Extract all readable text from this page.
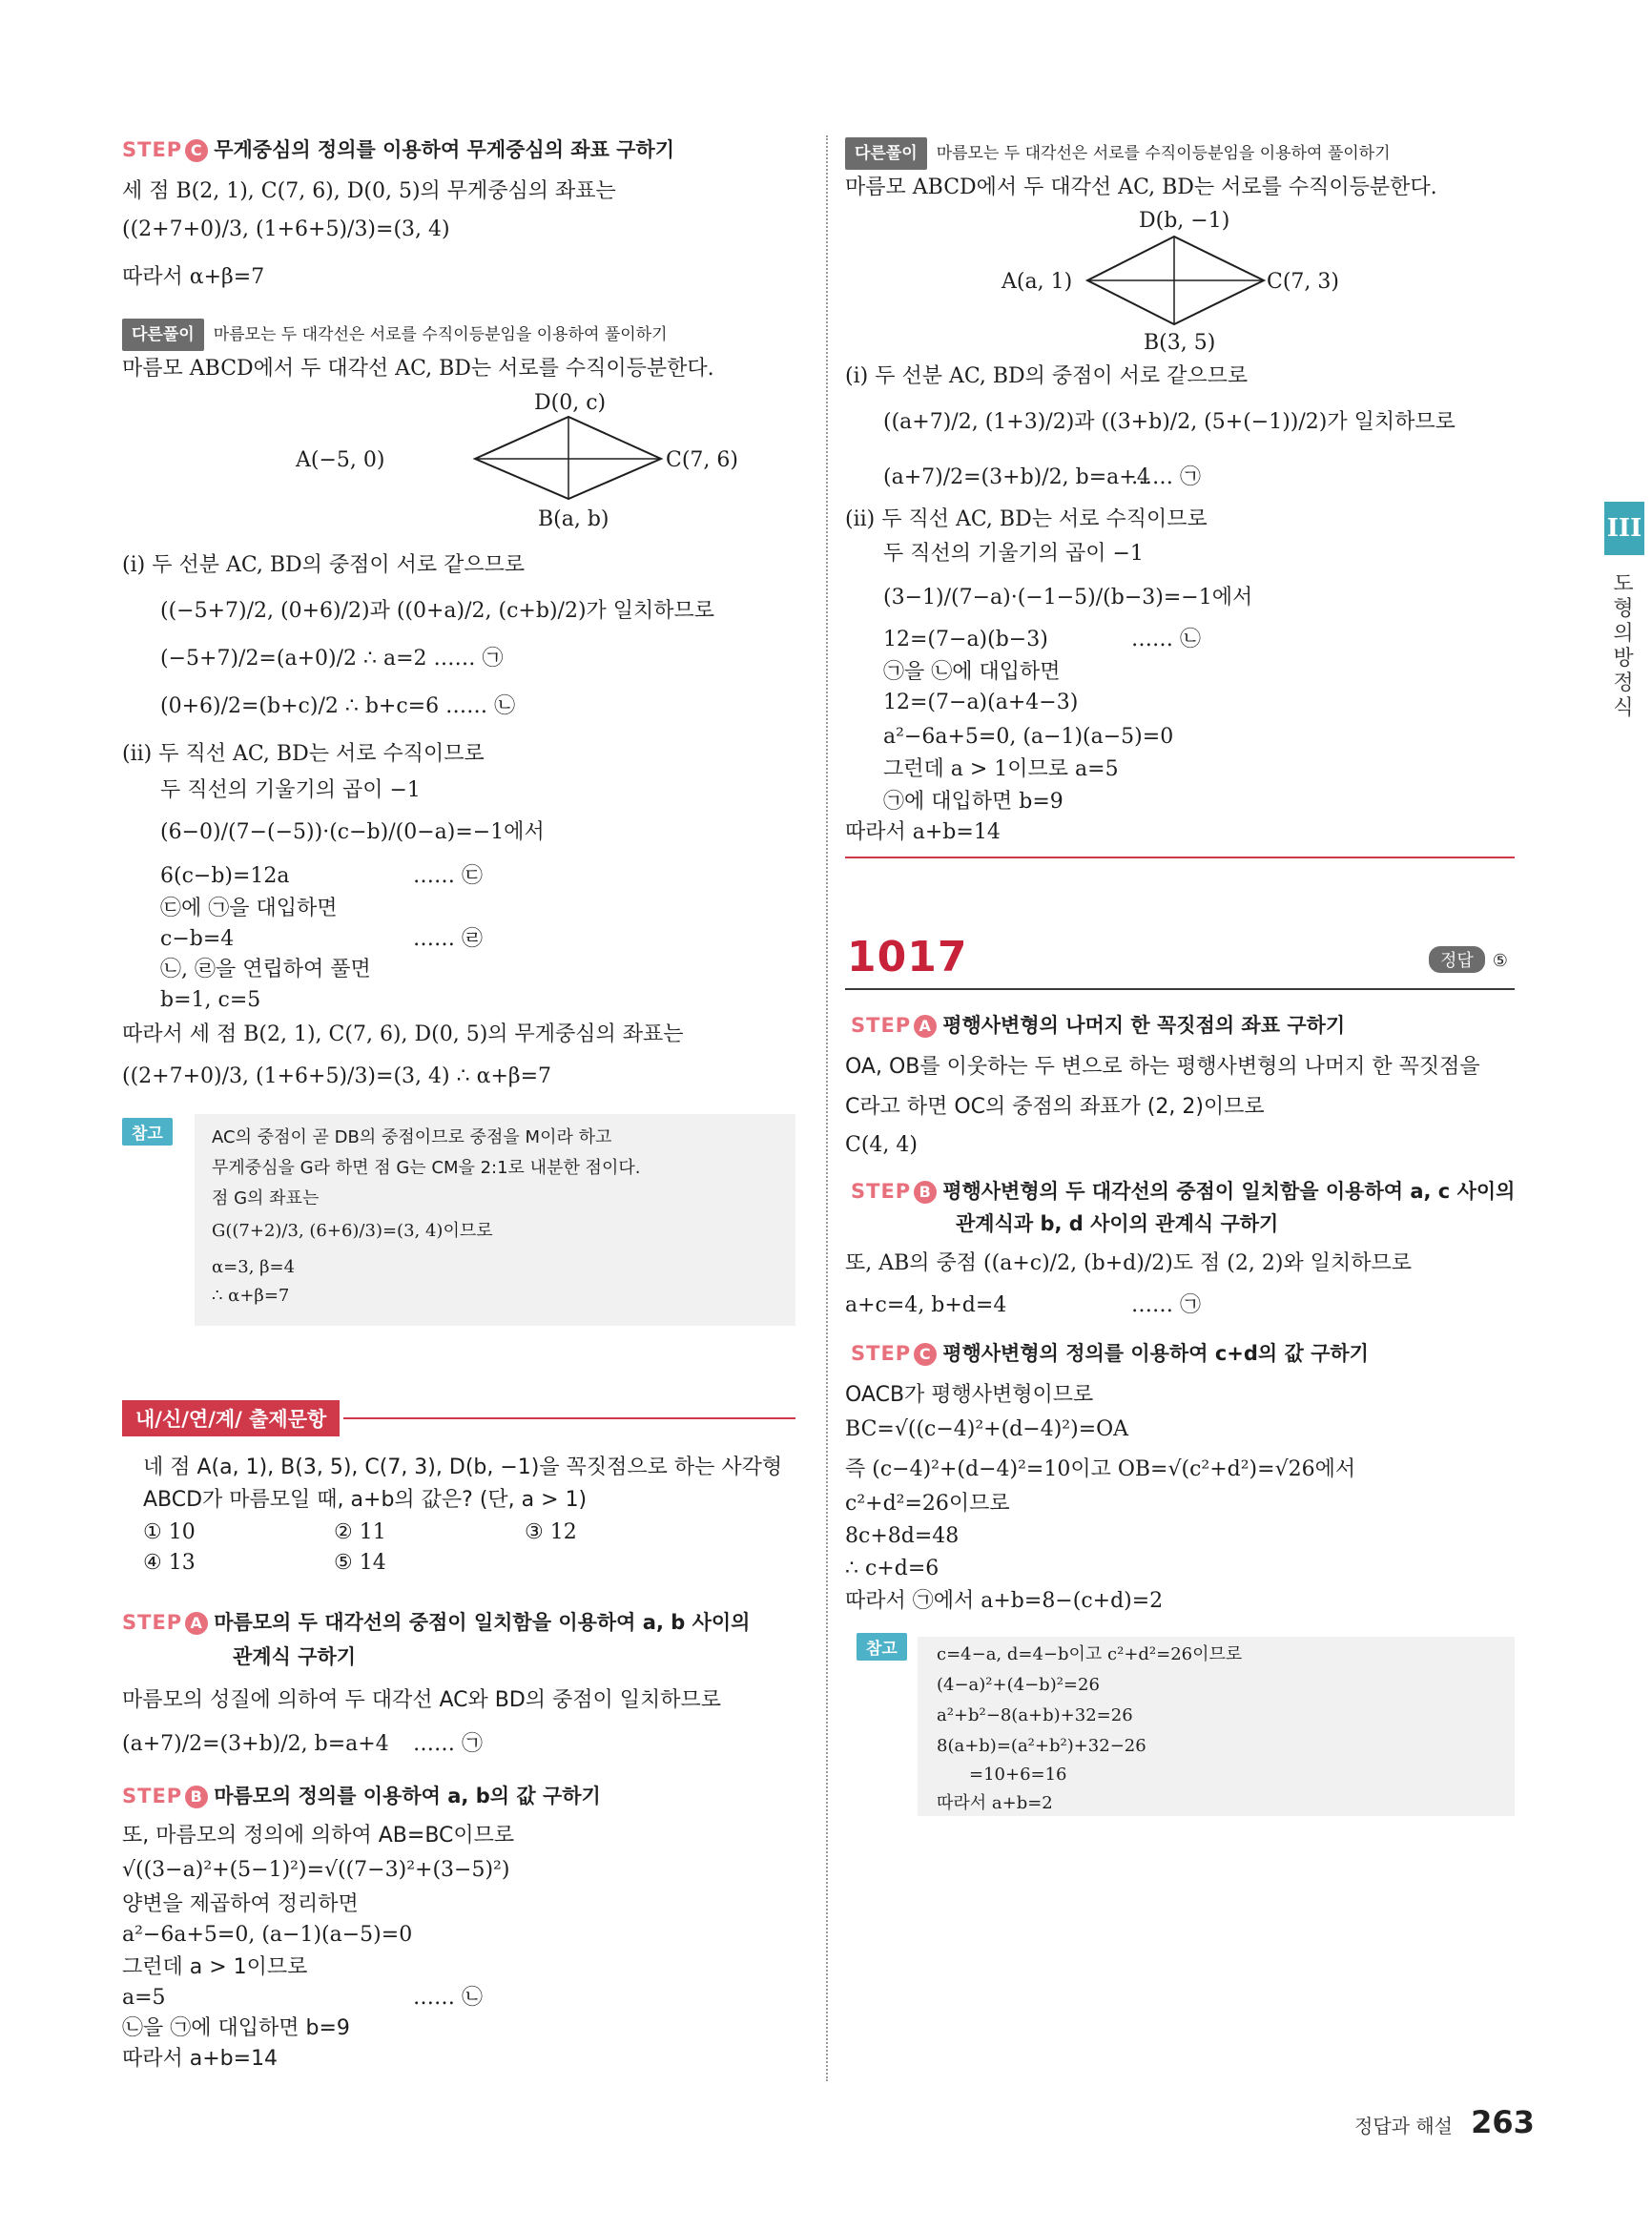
STEP C 무게중심의 정의를 이용하여 무게중심의 좌표 구하기
세 점 B(2, 1), C(7, 6), D(0, 5)의 무게중심의 좌표는
((2+7+0)/3, (1+6+5)/3)=(3, 4)
따라서 α+β=7
다른풀이 마름모는 두 대각선은 서로를 수직이등분임을 이용하여 풀이하기
마름모 ABCD에서 두 대각선 AC, BD는 서로를 수직이등분한다.
A(−5, 0)	C(7, 6)
D(0, c)
B(a, b)
(ⅰ) 두 선분 AC, BD의 중점이 서로 같으므로
((−5+7)/2, (0+6)/2)과 ((0+a)/2, (c+b)/2)가 일치하므로
(−5+7)/2=(a+0)/2 ∴ a=2 …… ㉠
(0+6)/2=(b+c)/2 ∴ b+c=6 …… ㉡
(ⅱ) 두 직선 AC, BD는 서로 수직이므로
두 직선의 기울기의 곱이 −1
(6−0)/(7−(−5))·(c−b)/(0−a)=−1에서
6(c−b)=12a	…… ㉢
㉢에 ㉠을 대입하면
c−b=4	…… ㉣
㉡, ㉣을 연립하여 풀면
b=1, c=5
따라서 세 점 B(2, 1), C(7, 6), D(0, 5)의 무게중심의 좌표는
((2+7+0)/3, (1+6+5)/3)=(3, 4) ∴ α+β=7
참고	AC의 중점이 곧 DB의 중점이므로 중점을 M이라 하고
무게중심을 G라 하면 점 G는 CM을 2:1로 내분한 점이다.
점 G의 좌표는
G((7+2)/3, (6+6)/3)=(3, 4)이므로
α=3, β=4
∴ α+β=7
내/신/연/계/ 출제문항
네 점 A(a, 1), B(3, 5), C(7, 3), D(b, −1)을 꼭짓점으로 하는 사각형
ABCD가 마름모일 때, a+b의 값은? (단, a > 1)
① 10	② 11	③ 12
④ 13	⑤ 14
STEP A 마름모의 두 대각선의 중점이 일치함을 이용하여 a, b 사이의
관계식 구하기
마름모의 성질에 의하여 두 대각선 AC와 BD의 중점이 일치하므로
(a+7)/2=(3+b)/2, b=a+4 …… ㉠
STEP B 마름모의 정의를 이용하여 a, b의 값 구하기
또, 마름모의 정의에 의하여 AB=BC이므로
√((3−a)²+(5−1)²)=√((7−3)²+(3−5)²)
양변을 제곱하여 정리하면
a²−6a+5=0, (a−1)(a−5)=0
그런데 a > 1이므로
a=5	…… ㉡
㉡을 ㉠에 대입하면 b=9
따라서 a+b=14
다른풀이 마름모는 두 대각선은 서로를 수직이등분임을 이용하여 풀이하기
마름모 ABCD에서 두 대각선 AC, BD는 서로를 수직이등분한다.
A(a, 1)	C(7, 3)
D(b, −1)
B(3, 5)
(ⅰ) 두 선분 AC, BD의 중점이 서로 같으므로
((a+7)/2, (1+3)/2)과 ((3+b)/2, (5+(−1))/2)가 일치하므로
(a+7)/2=(3+b)/2, b=a+4
…… ㉠
(ⅱ) 두 직선 AC, BD는 서로 수직이므로
두 직선의 기울기의 곱이 −1
(3−1)/(7−a)·(−1−5)/(b−3)=−1에서
12=(7−a)(b−3)	…… ㉡
㉠을 ㉡에 대입하면
12=(7−a)(a+4−3)
a²−6a+5=0, (a−1)(a−5)=0
그런데 a > 1이므로 a=5
㉠에 대입하면 b=9
따라서 a+b=14
1017	정답 ⑤
STEP A 평행사변형의 나머지 한 꼭짓점의 좌표 구하기
OA, OB를 이웃하는 두 변으로 하는 평행사변형의 나머지 한 꼭짓점을
C라고 하면 OC의 중점의 좌표가 (2, 2)이므로
C(4, 4)
STEP B 평행사변형의 두 대각선의 중점이 일치함을 이용하여 a, c 사이의
관계식과 b, d 사이의 관계식 구하기
또, AB의 중점 ((a+c)/2, (b+d)/2)도 점 (2, 2)와 일치하므로
a+c=4, b+d=4	…… ㉠
STEP C 평행사변형의 정의를 이용하여 c+d의 값 구하기
OACB가 평행사변형이므로
BC=√((c−4)²+(d−4)²)=OA
즉 (c−4)²+(d−4)²=10이고 OB=√(c²+d²)=√26에서
c²+d²=26이므로
8c+8d=48
∴ c+d=6
따라서 ㉠에서 a+b=8−(c+d)=2
참고	c=4−a, d=4−b이고 c²+d²=26이므로
(4−a)²+(4−b)²=26
a²+b²−8(a+b)+32=26
8(a+b)=(a²+b²)+32−26
=10+6=16
따라서 a+b=2
III
도형의 방정식
정답과 해설 263
